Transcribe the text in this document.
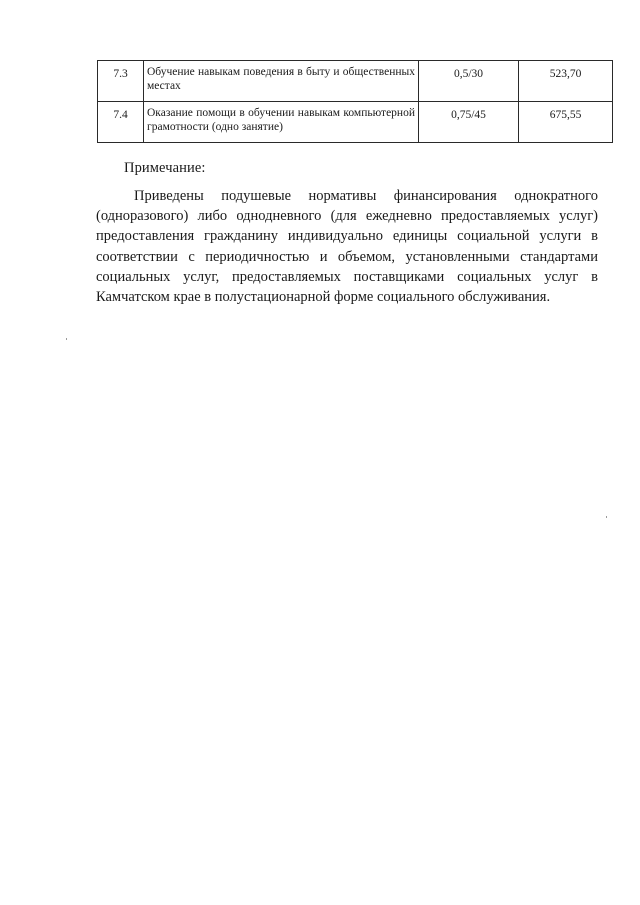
7.3	Обучение навыкам поведения в быту и общественных местах	0,5/30	523,70
7.4	Оказание помощи в обучении навыкам компьютерной грамотности (одно занятие)	0,75/45	675,55
Примечание:
Приведены подушевые нормативы финансирования однократного (одноразового) либо однодневного (для ежедневно предоставляемых услуг) предоставления гражданину индивидуально единицы социальной услуги в соответствии с периодичностью и объемом, установленными стандартами социальных услуг, предоставляемых поставщиками социальных услуг в Камчатском крае в полустационарной форме социального обслуживания.
